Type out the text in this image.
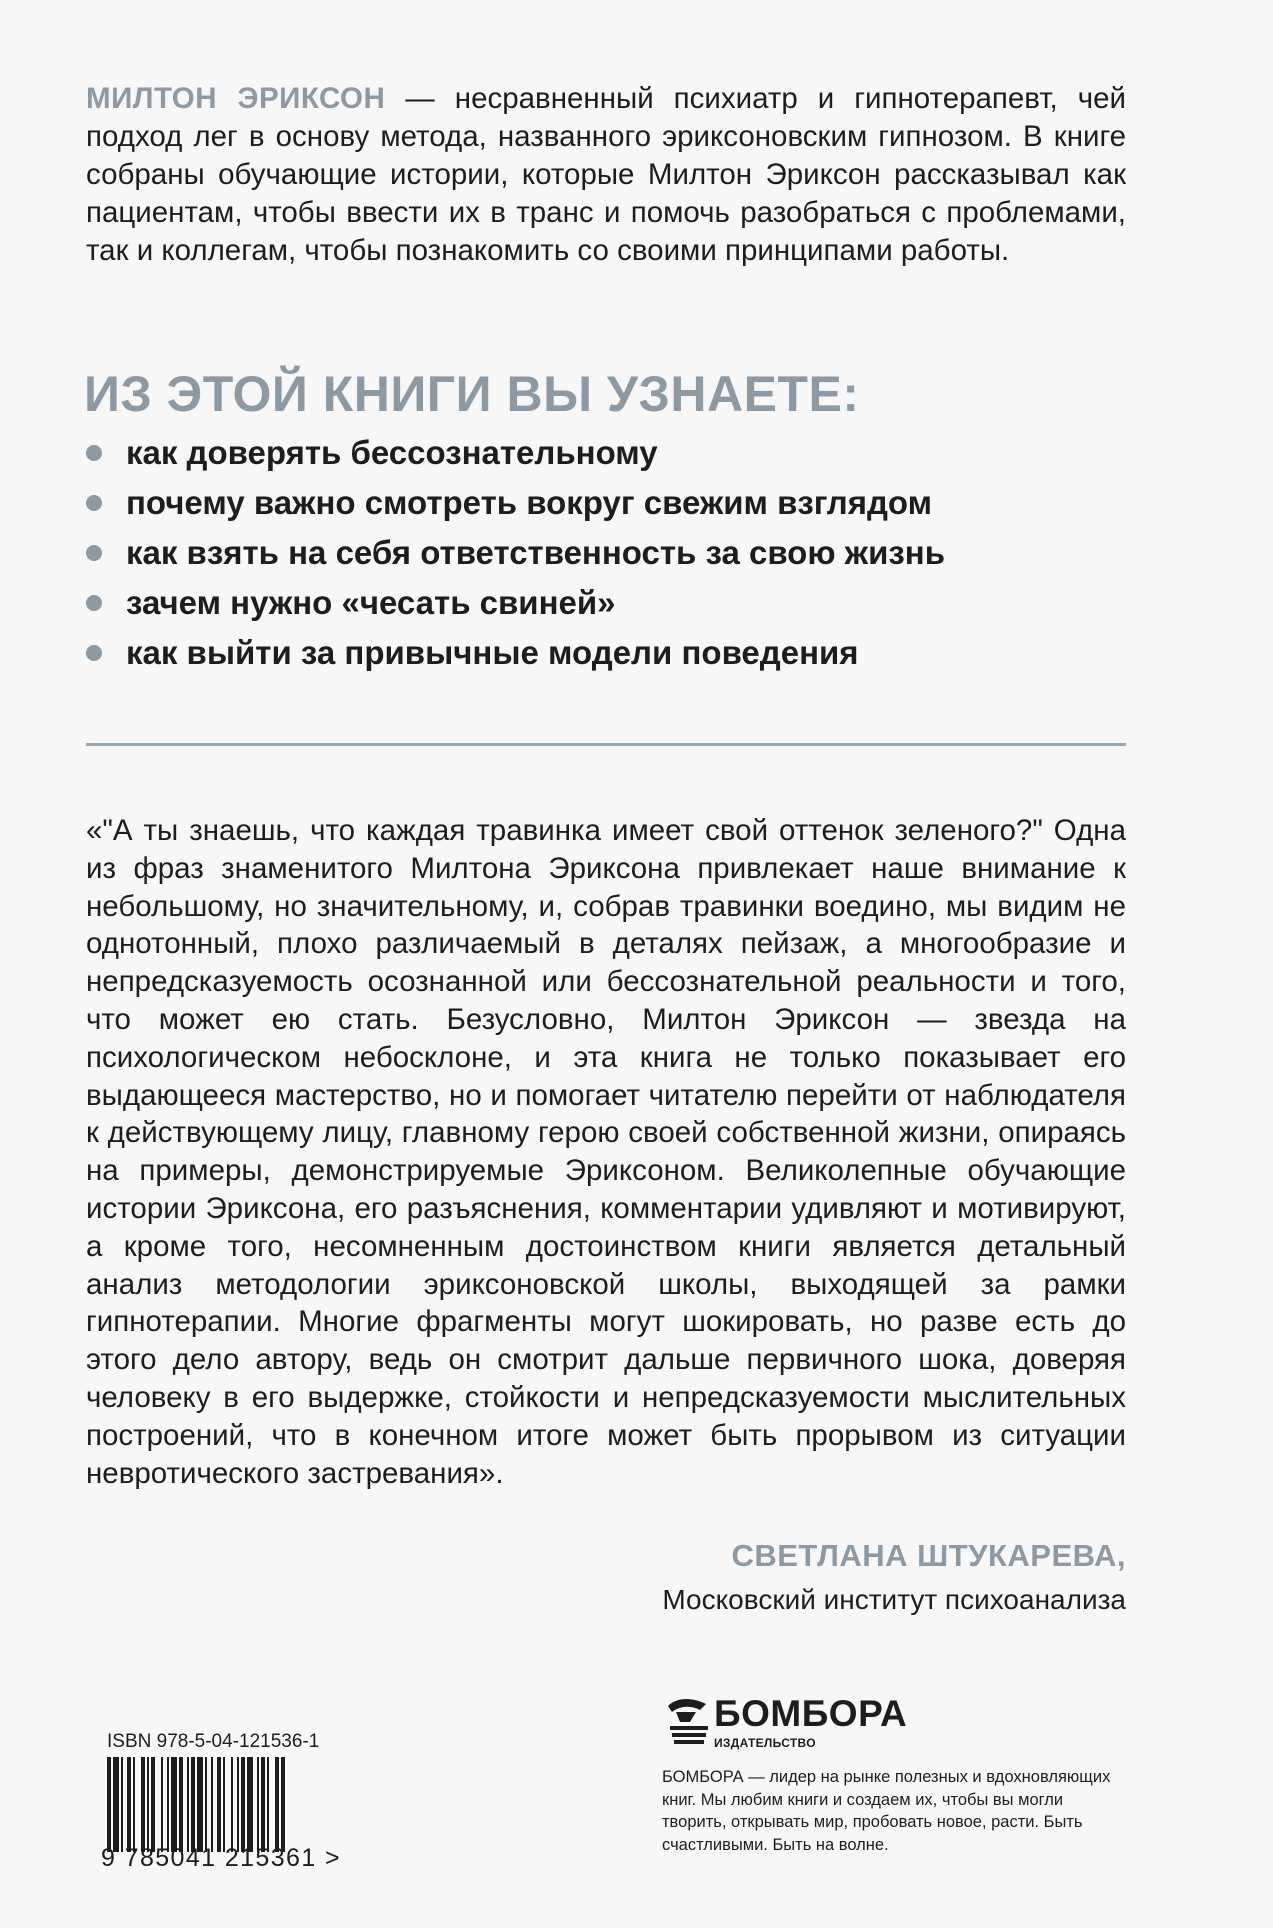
МИЛТОН ЭРИКСОН — несравненный психиатр и гипнотерапевт, чей подход лег в основу метода, названного эриксоновским гипнозом. В книге собраны обучающие истории, которые Милтон Эриксон рассказывал как пациентам, чтобы ввести их в транс и помочь разобраться с проблемами, так и коллегам, чтобы познакомить со своими принципами работы.
ИЗ ЭТОЙ КНИГИ ВЫ УЗНАЕТЕ:
как доверять бессознательному
почему важно смотреть вокруг свежим взглядом
как взять на себя ответственность за свою жизнь
зачем нужно «чесать свиней»
как выйти за привычные модели поведения
«"А ты знаешь, что каждая травинка имеет свой оттенок зеленого?" Одна из фраз знаменитого Милтона Эриксона привлекает наше внимание к небольшому, но значительному, и, собрав травинки воедино, мы видим не однотонный, плохо различаемый в деталях пейзаж, а многообразие и непредсказуемость осознанной или бессознательной реальности и того, что может ею стать. Безусловно, Милтон Эриксон — звезда на психологическом небосклоне, и эта книга не только показывает его выдающееся мастерство, но и помогает читателю перейти от наблюдателя к действующему лицу, главному герою своей собственной жизни, опираясь на примеры, демонстрируемые Эриксоном. Великолепные обучающие истории Эриксона, его разъяснения, комментарии удивляют и мотивируют, а кроме того, несомненным достоинством книги является детальный анализ методологии эриксоновской школы, выходящей за рамки гипнотерапии. Многие фрагменты могут шокировать, но разве есть до этого дело автору, ведь он смотрит дальше первичного шока, доверяя человеку в его выдержке, стойкости и непредсказуемости мыслительных построений, что в конечном итоге может быть прорывом из ситуации невротического застревания».
СВЕТЛАНА ШТУКАРЕВА,
Московский институт психоанализа
ISBN 978-5-04-121536-1
9 785041 215361 >
БОМБОРА
ИЗДАТЕЛЬСТВО
БОМБОРА — лидер на рынке полезных и вдохновляющих книг. Мы любим книги и создаем их, чтобы вы могли творить, открывать мир, пробовать новое, расти. Быть счастливыми. Быть на волне.
